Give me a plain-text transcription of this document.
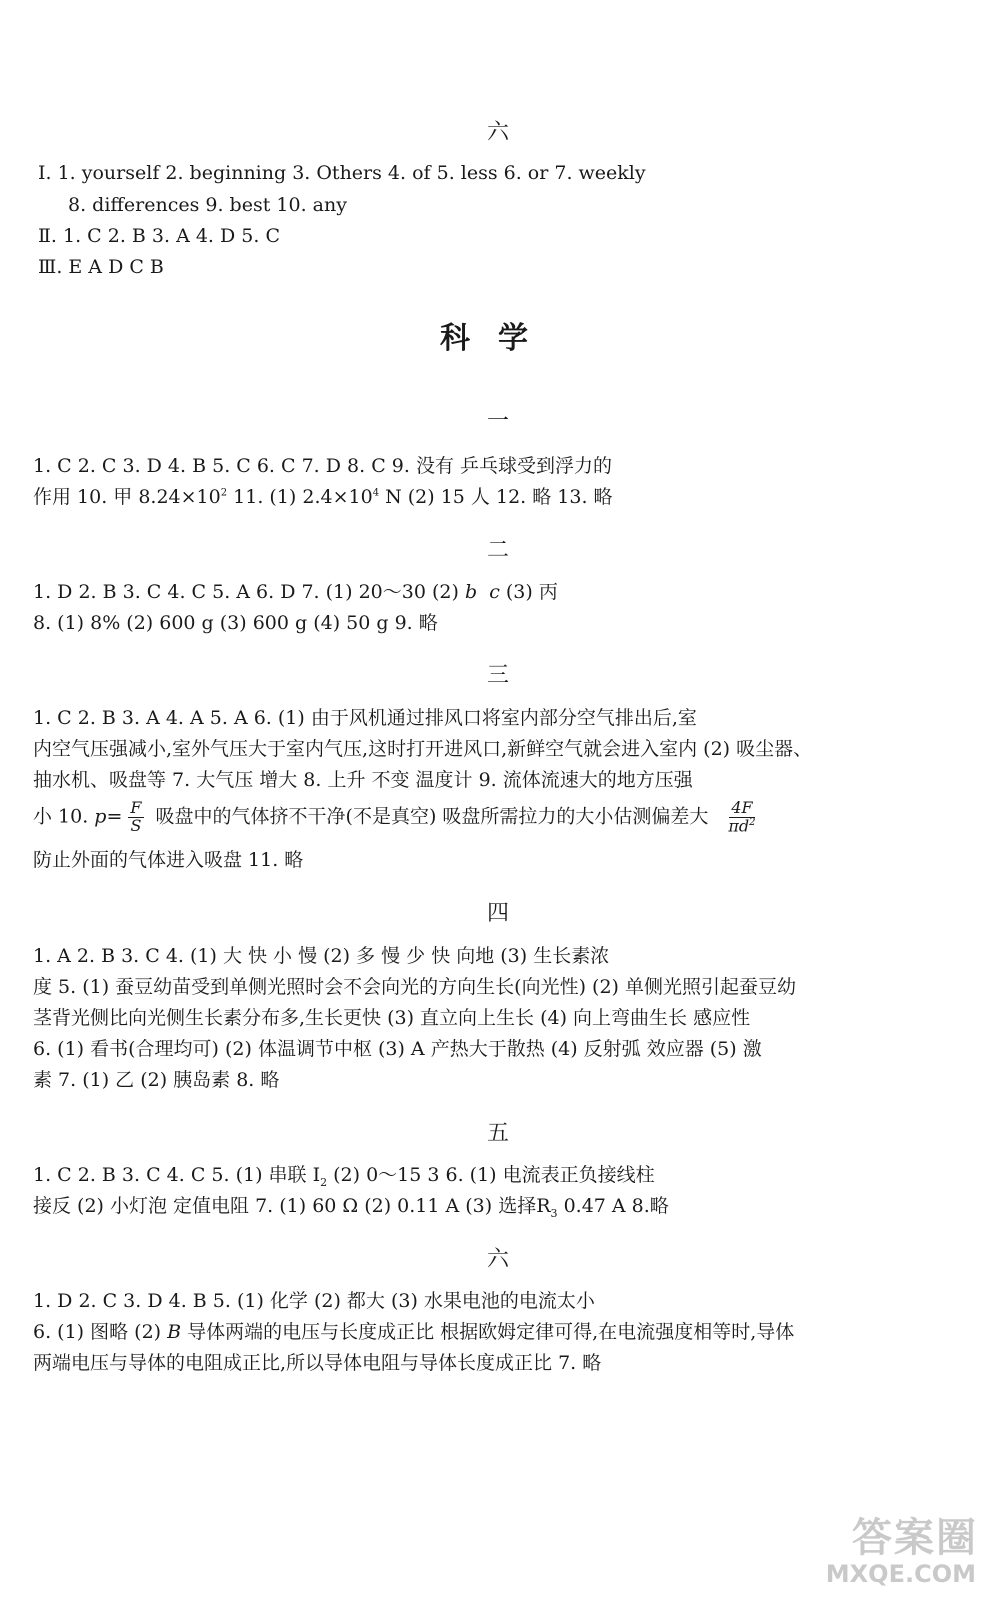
六
Ⅰ. 1. yourself 2. beginning 3. Others 4. of 5. less 6. or 7. weekly
8. differences 9. best 10. any
Ⅱ. 1. C 2. B 3. A 4. D 5. C
Ⅲ. E A D C B
科学
一
1. C 2. C 3. D 4. B 5. C 6. C 7. D 8. C 9. 没有 乒乓球受到浮力的
作用 10. 甲 $8.24\times 10^2$ 11. (1) $2.4\times 10^4$ N (2) 15 人 12. 略 13. 略
二
1. D 2. B 3. C 4. C 5. A 6. D 7. (1) 20～30 (2) b c (3) 丙
8. (1) 8% (2) 600 g (3) 600 g (4) 50 g 9. 略
三
1. C 2. B 3. A 4. A 5. A 6. (1) 由于风机通过排风口将室内部分空气排出后,室
内空气压强减小,室外气压大于室内气压,这时打开进风口,新鲜空气就会进入室内 (2) 吸尘器、
抽水机、吸盘等 7. 大气压 增大 8. 上升 不变 温度计 9. 流体流速大的地方压强
小 10. $p= \frac{F}{S}$ 吸盘中的气体挤不干净(不是真空) 吸盘所需拉力的大小估测偏差大 $\frac{4F}{\pi d^2}$
防止外面的气体进入吸盘 11. 略
四
1. A 2. B 3. C 4. (1) 大 快 小 慢 (2) 多 慢 少 快 向地 (3) 生长素浓
度 5. (1) 蚕豆幼苗受到单侧光照时会不会向光的方向生长(向光性) (2) 单侧光照引起蚕豆幼
茎背光侧比向光侧生长素分布多,生长更快 (3) 直立向上生长 (4) 向上弯曲生长 感应性
6. (1) 看书(合理均可) (2) 体温调节中枢 (3) A 产热大于散热 (4) 反射弧 效应器 (5) 激
素 7. (1) 乙 (2) 胰岛素 8. 略
五
1. C 2. B 3. C 4. C 5. (1) 串联 $I_2$ (2) 0～15 3 6. (1) 电流表正负接线柱
接反 (2) 小灯泡 定值电阻 7. (1) 60 Ω (2) 0.11 A (3) 选择$R_3$ 0.47 A 8.略
六
1. D 2. C 3. D 4. B 5. (1) 化学 (2) 都大 (3) 水果电池的电流太小
6. (1) 图略 (2) B 导体两端的电压与长度成正比 根据欧姆定律可得,在电流强度相等时,导体
两端电压与导体的电阻成正比,所以导体电阻与导体长度成正比 7. 略
答案圈
MXQE.COM
